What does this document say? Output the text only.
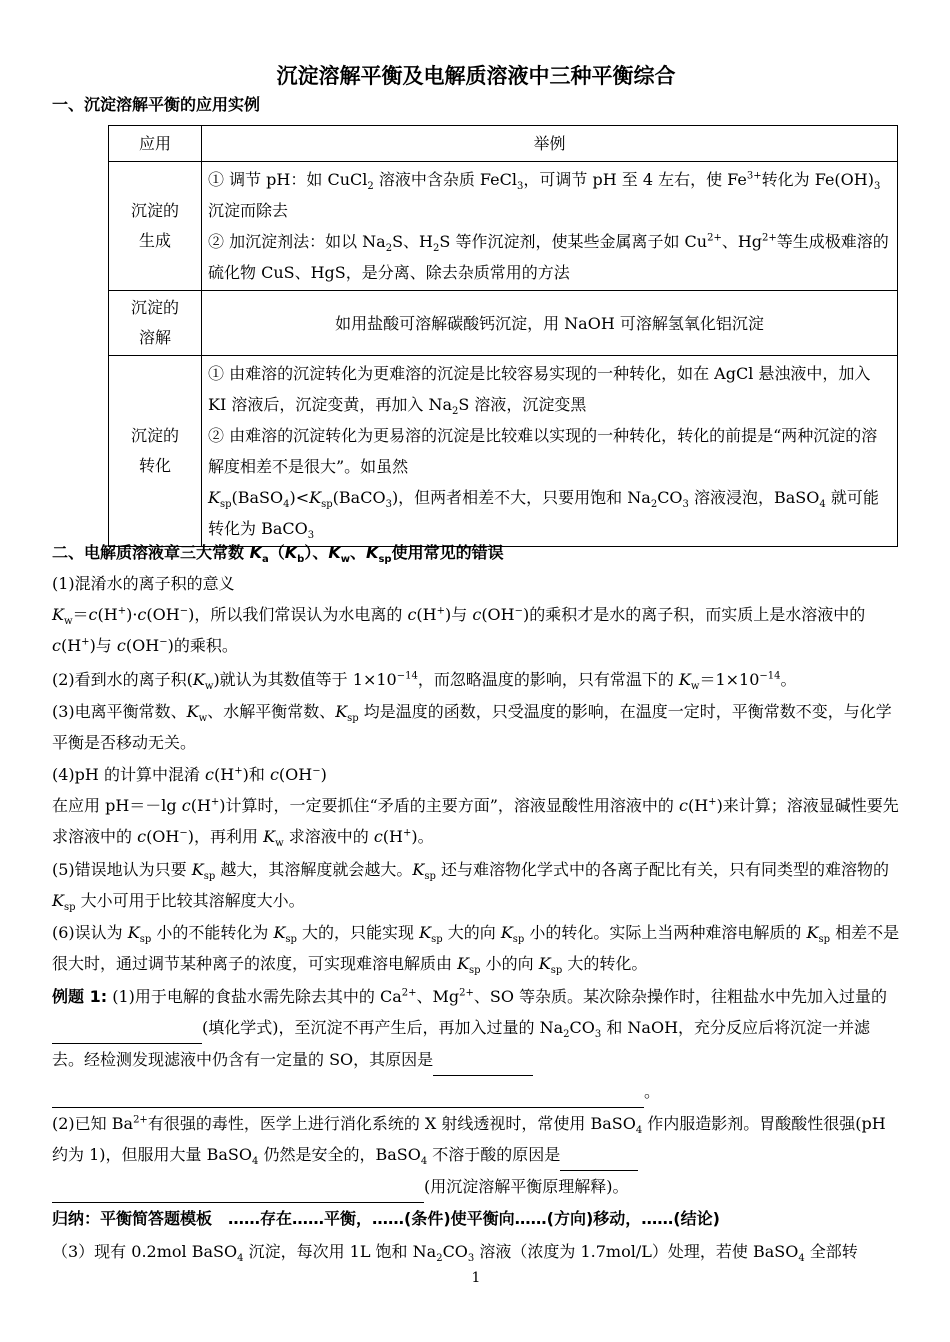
沉淀溶解平衡及电解质溶液中三种平衡综合
一、沉淀溶解平衡的应用实例
应用	举例
沉淀的
生成	① 调节 pH：如 CuCl$_2$ 溶液中含杂质 FeCl$_3$，可调节 pH 至 4 左右，使 $Fe^{3+}$转化为 $Fe(OH)_3$ 沉淀而除去
② 加沉淀剂法：如以 $Na_2S$、$H_2S$ 等作沉淀剂，使某些金属离子如 $Cu^{2+}$、$Hg^{2+}$等生成极难溶的硫化物 CuS、HgS，是分离、除去杂质常用的方法
沉淀的
溶解	如用盐酸可溶解碳酸钙沉淀，用 NaOH 可溶解氢氧化铝沉淀
沉淀的
转化	① 由难溶的沉淀转化为更难溶的沉淀是比较容易实现的一种转化，如在 AgCl 悬浊液中，加入 KI 溶液后，沉淀变黄，再加入 $Na_2S$ 溶液，沉淀变黑
② 由难溶的沉淀转化为更易溶的沉淀是比较难以实现的一种转化，转化的前提是“两种沉淀的溶解度相差不是很大”。如虽然
$K_{sp}(BaSO_4)<K_{sp}(BaCO_3)$，但两者相差不大，只要用饱和 $Na_2CO_3$ 溶液浸泡，BaSO$_4$ 就可能转化为 BaCO$_3$
二、电解质溶液章三大常数 $K_a(K_b)$、$K_w$、$K_{sp}$使用常见的错误
(1)混淆水的离子积的意义
$K_w=c(H^+)\cdot c(OH^-)$，所以我们常误认为水电离的 c(H+)与 c(OH−)的乘积才是水的离子积，而实质上是水溶液中的 c(H+)与 c(OH−)的乘积。
(2)看到水的离子积$(K_w)$就认为其数值等于 $1\times 10^{-14}$，而忽略温度的影响，只有常温下的 $K_w=1\times 10^{-14}$。
(3)电离平衡常数、$K_w$、水解平衡常数、$K_{sp}$ 均是温度的函数，只受温度的影响，在温度一定时，平衡常数不变，与化学平衡是否移动无关。
(4)pH 的计算中混淆 c(H+)和 c(OH−)
在应用 pH＝－lg c(H+)计算时，一定要抓住“矛盾的主要方面”，溶液显酸性用溶液中的 c(H+)来计算；溶液显碱性要先求溶液中的 c(OH−)，再利用 $K_w$ 求溶液中的 c(H+)。
(5)错误地认为只要 $K_{sp}$ 越大，其溶解度就会越大。$K_{sp}$ 还与难溶物化学式中的各离子配比有关，只有同类型的难溶物的 $K_{sp}$ 大小可用于比较其溶解度大小。
(6)误认为 $K_{sp}$ 小的不能转化为 $K_{sp}$ 大的，只能实现 $K_{sp}$ 大的向 $K_{sp}$ 小的转化。实际上当两种难溶电解质的 $K_{sp}$ 相差不是很大时，通过调节某种离子的浓度，可实现难溶电解质由 $K_{sp}$ 小的向 $K_{sp}$ 大的转化。
例题 1: (1)用于电解的食盐水需先除去其中的 $Ca^{2+}$、$Mg^{2+}$、SO 等杂质。某次除杂操作时，往粗盐水中先加入过量的 (填化学式)，至沉淀不再产生后，再加入过量的 $Na_2CO_3$ 和 NaOH，充分反应后将沉淀一并滤去。经检测发现滤液中仍含有一定量的 SO，其原因是
。
(2)已知 $Ba^{2+}$有很强的毒性，医学上进行消化系统的 X 射线透视时，常使用 BaSO$_4$ 作内服造影剂。胃酸酸性很强(pH 约为 1)，但服用大量 BaSO$_4$ 仍然是安全的，BaSO$_4$ 不溶于酸的原因是
(用沉淀溶解平衡原理解释)。
归纳：平衡简答题模板　……存在……平衡，……(条件)使平衡向……(方向)移动，……(结论)
（3）现有 0.2mol BaSO$_4$ 沉淀，每次用 1L 饱和 $Na_2CO_3$ 溶液（浓度为 1.7mol/L）处理，若使 BaSO$_4$ 全部转
1
